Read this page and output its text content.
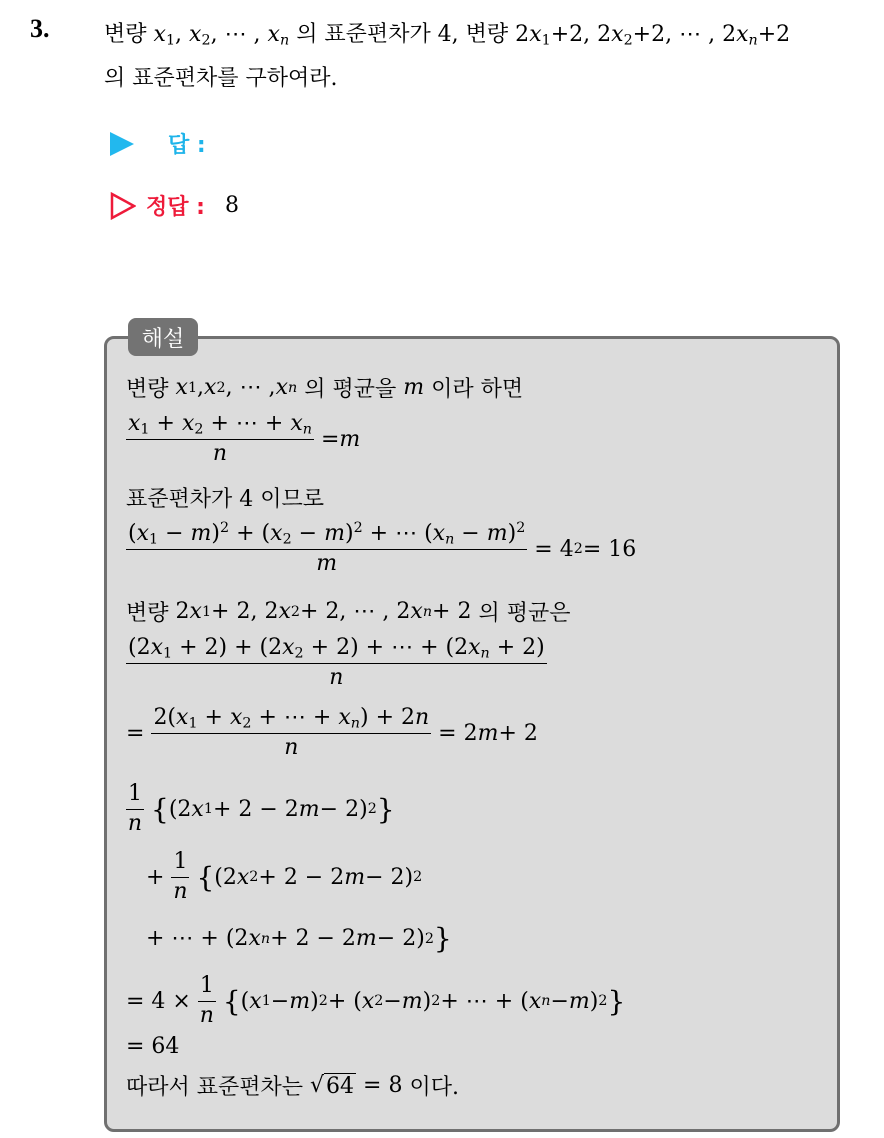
3. 변량 $x_1$, $x_2$, ⋯ , $x_n$ 의 표준편차가 4, 변량 $2x_1+2$, $2x_2+2$, ⋯ , $2x_n+2$
의 표준편차를 구하여라.
답 :
정답 : 8
해설
변량
x 1 , x 2 , ⋯ , x n
의 평균을
m
이라 하면
$\frac{x_1 + x_2 + \cdots + x_n}{n} = m$
표준편차가 4 이므로
$\frac{(x_1 - m)^2 + (x_2 - m)^2 + \cdots (x_n - m)^2}{m} = 4$ 2 = 16
변량 2 x 1 + 2, 2 x 2 + 2, ⋯ , 2 x n + 2 의 평균은
$\frac{(2x_1 + 2) + (2x_2 + 2) + \cdots + (2x_n + 2)}{n}$
= $\frac{2(x_1 + x_2 + \cdots + x_n) + 2n}{n} = 2$ m + 2
$\frac{1}{n}$
{ (2 x 1 + 2 − 2 m − 2) 2 }
+ $\frac{1}{n}$
{ (2 x 2 + 2 − 2 m − 2) 2
+ ⋯ + (2 x n + 2 − 2 m − 2) 2 }
= $4 \times \frac{1}{n}$
{ ( x 1 − m ) 2 + ( x 2 − m ) 2 + ⋯ + ( x n − m ) 2 }
= 64
따라서 표준편차는 √ 64 = 8 이다.
